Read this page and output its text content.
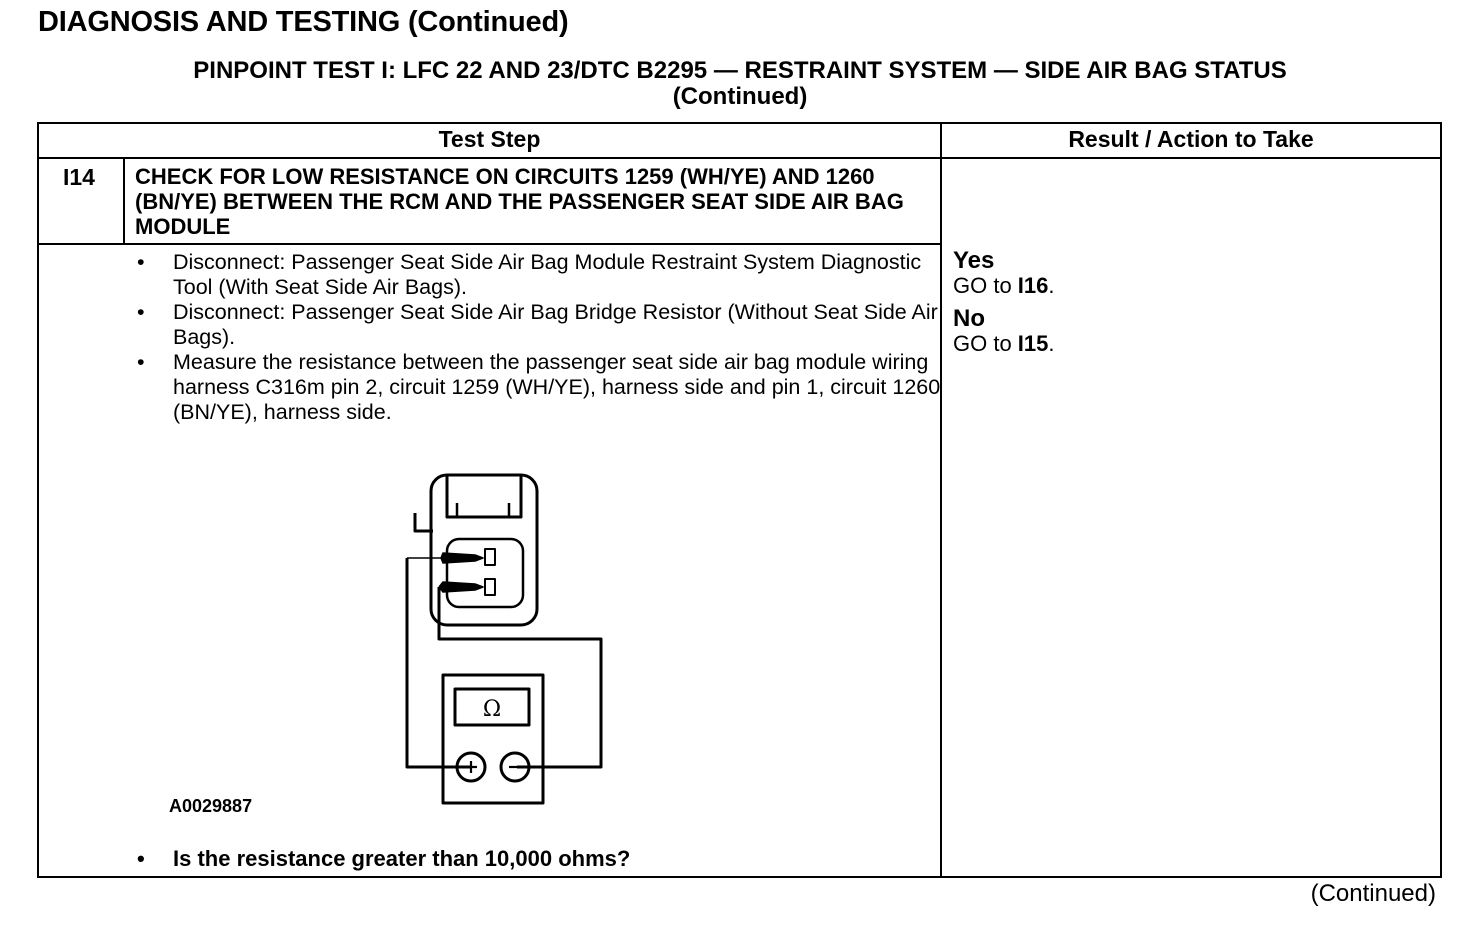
DIAGNOSIS AND TESTING (Continued)
PINPOINT TEST I: LFC 22 AND 23/DTC B2295 — RESTRAINT SYSTEM — SIDE AIR BAG STATUS
(Continued)
Test Step	Result / Action to Take
I14 CHECK FOR LOW RESISTANCE ON CIRCUITS 1259 (WH/YE) AND 1260 (BN/YE) BETWEEN THE RCM AND THE PASSENGER SEAT SIDE AIR BAG MODULE
• Disconnect: Passenger Seat Side Air Bag Module Restraint System Diagnostic Tool (With Seat Side Air Bags).
• Disconnect: Passenger Seat Side Air Bag Bridge Resistor (Without Seat Side Air Bags).
• Measure the resistance between the passenger seat side air bag module wiring harness C316m pin 2, circuit 1259 (WH/YE), harness side and pin 1, circuit 1260 (BN/YE), harness side.
Ω
A0029887
• Is the resistance greater than 10,000 ohms?
Yes
GO to I16.
No
GO to I15.
(Continued)
